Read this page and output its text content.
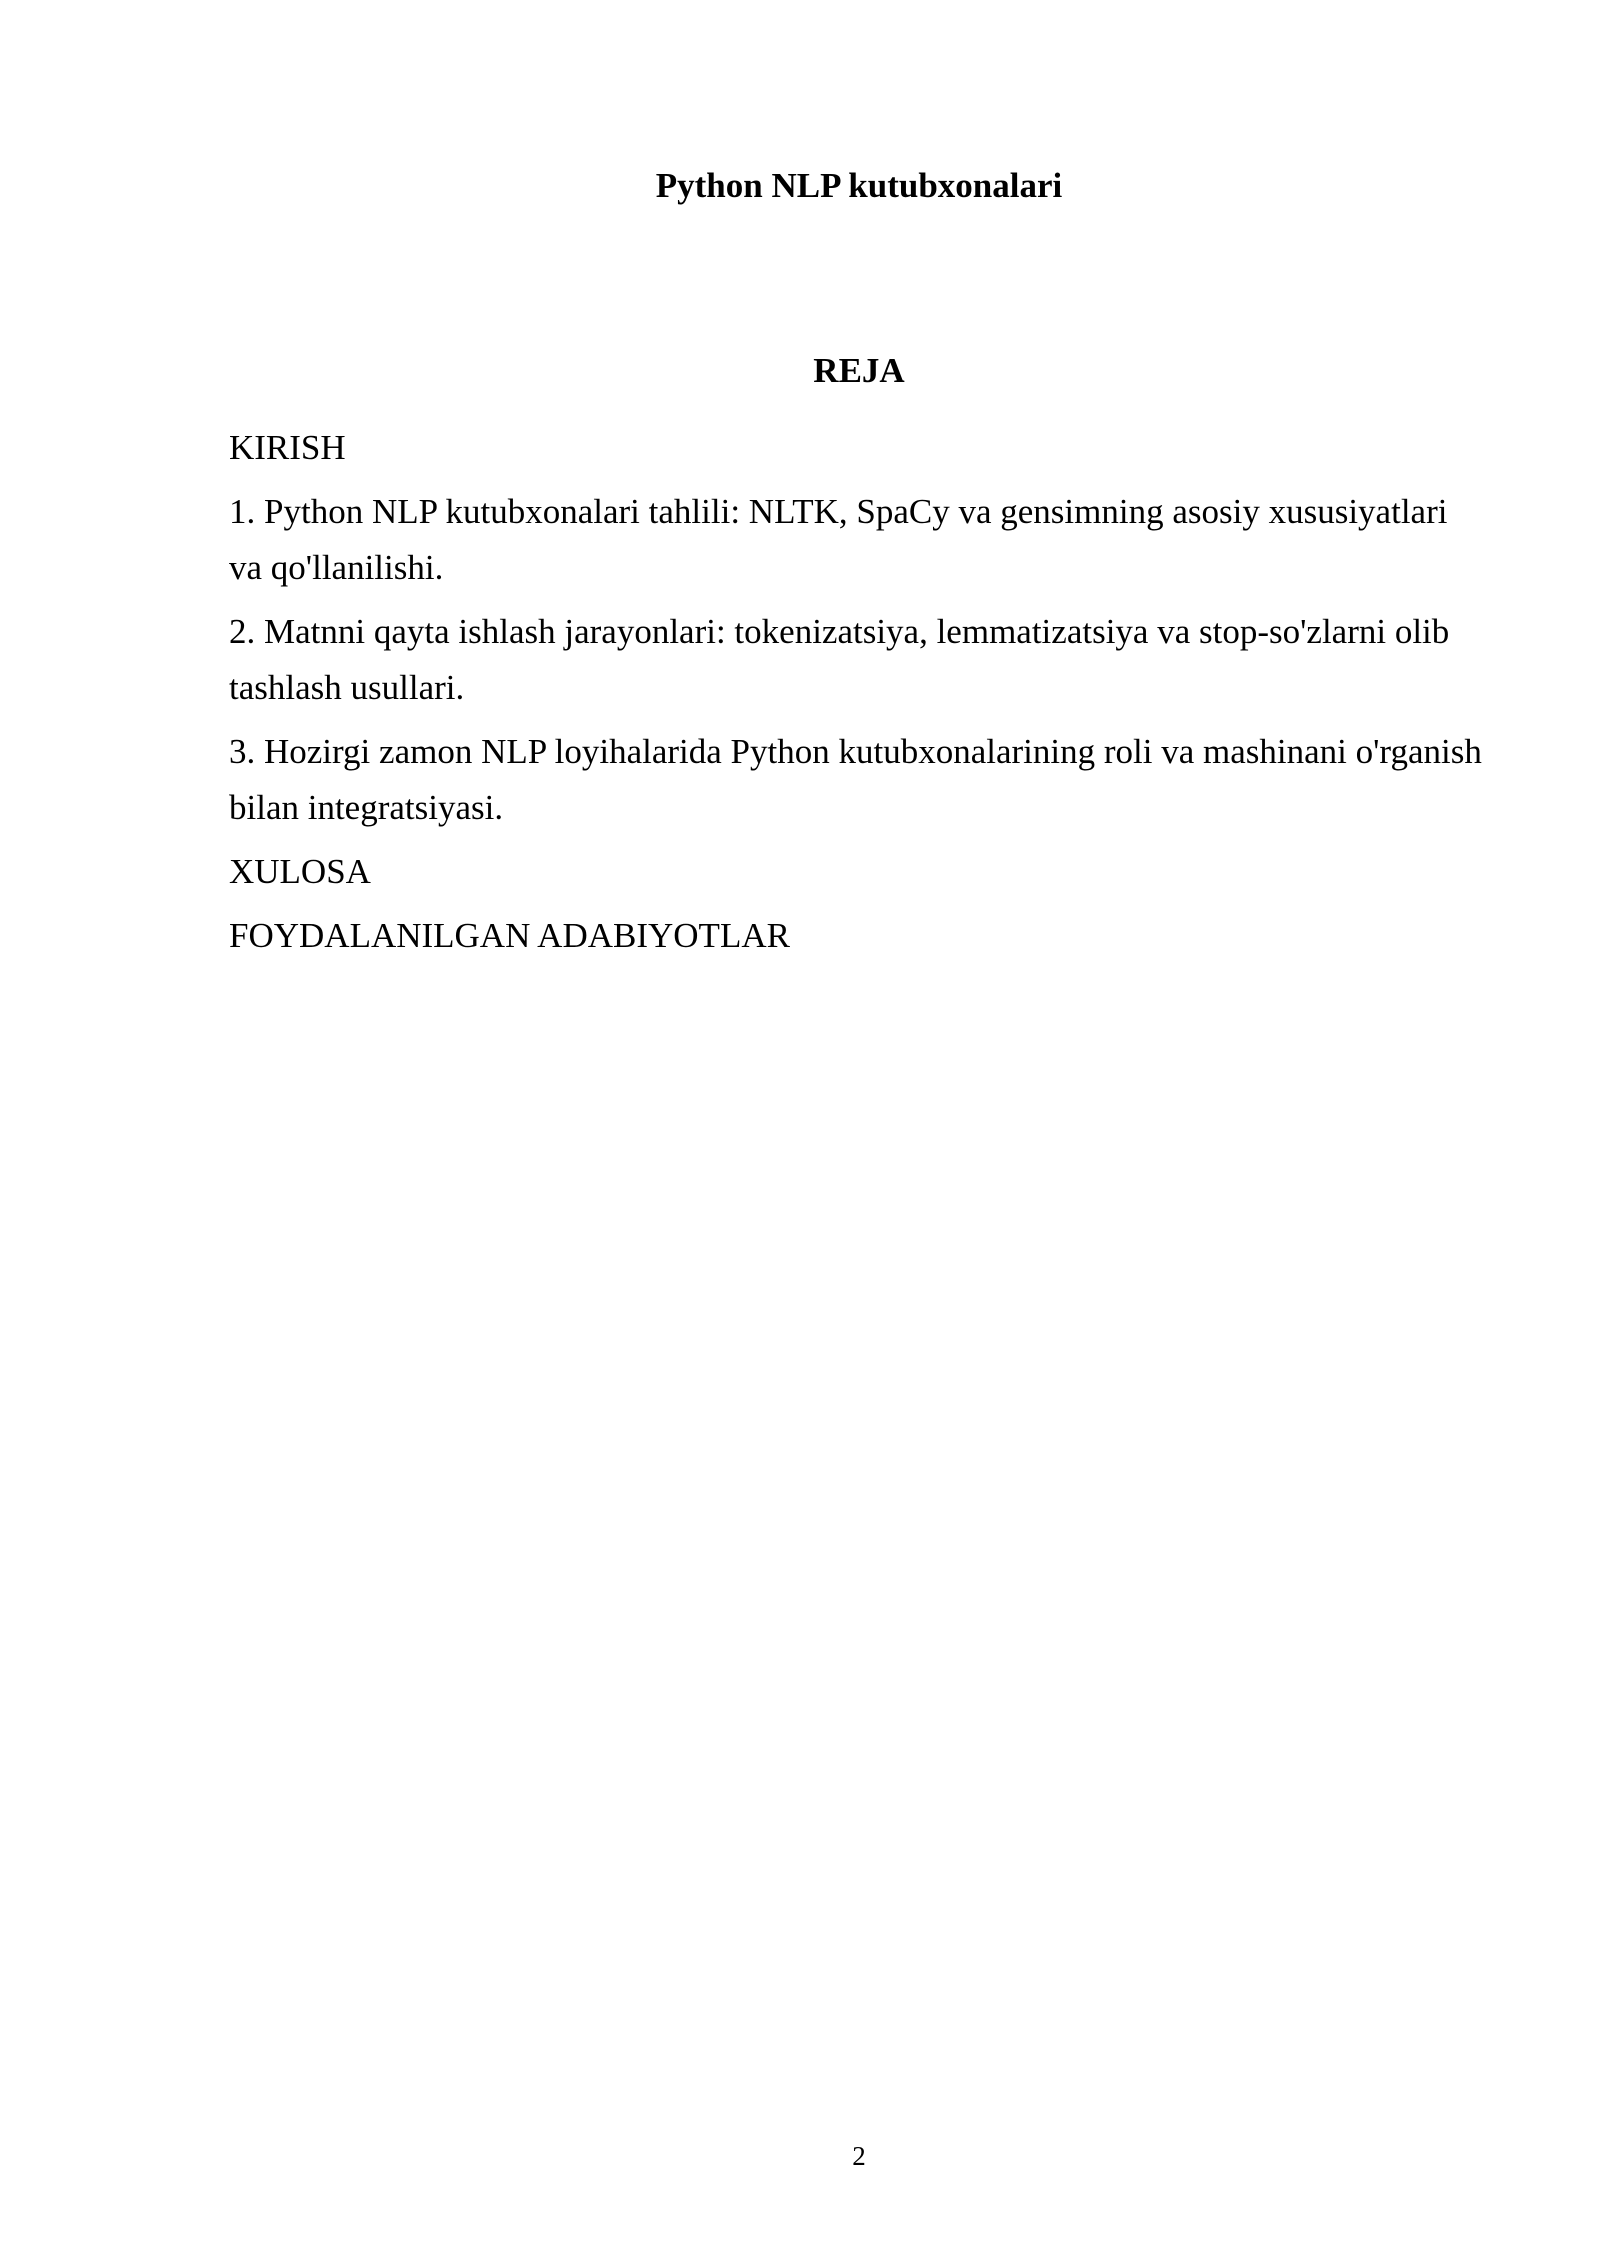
Python NLP kutubxonalari
REJA
KIRISH
1. Python NLP kutubxonalari tahlili: NLTK, SpaCy va gensimning asosiy xususiyatlari va qo'llanilishi.
2. Matnni qayta ishlash jarayonlari: tokenizatsiya, lemmatizatsiya va stop-so'zlarni olib tashlash usullari.
3. Hozirgi zamon NLP loyihalarida Python kutubxonalarining roli va mashinani o'rganish bilan integratsiyasi.
XULOSA
FOYDALANILGAN ADABIYOTLAR
2
